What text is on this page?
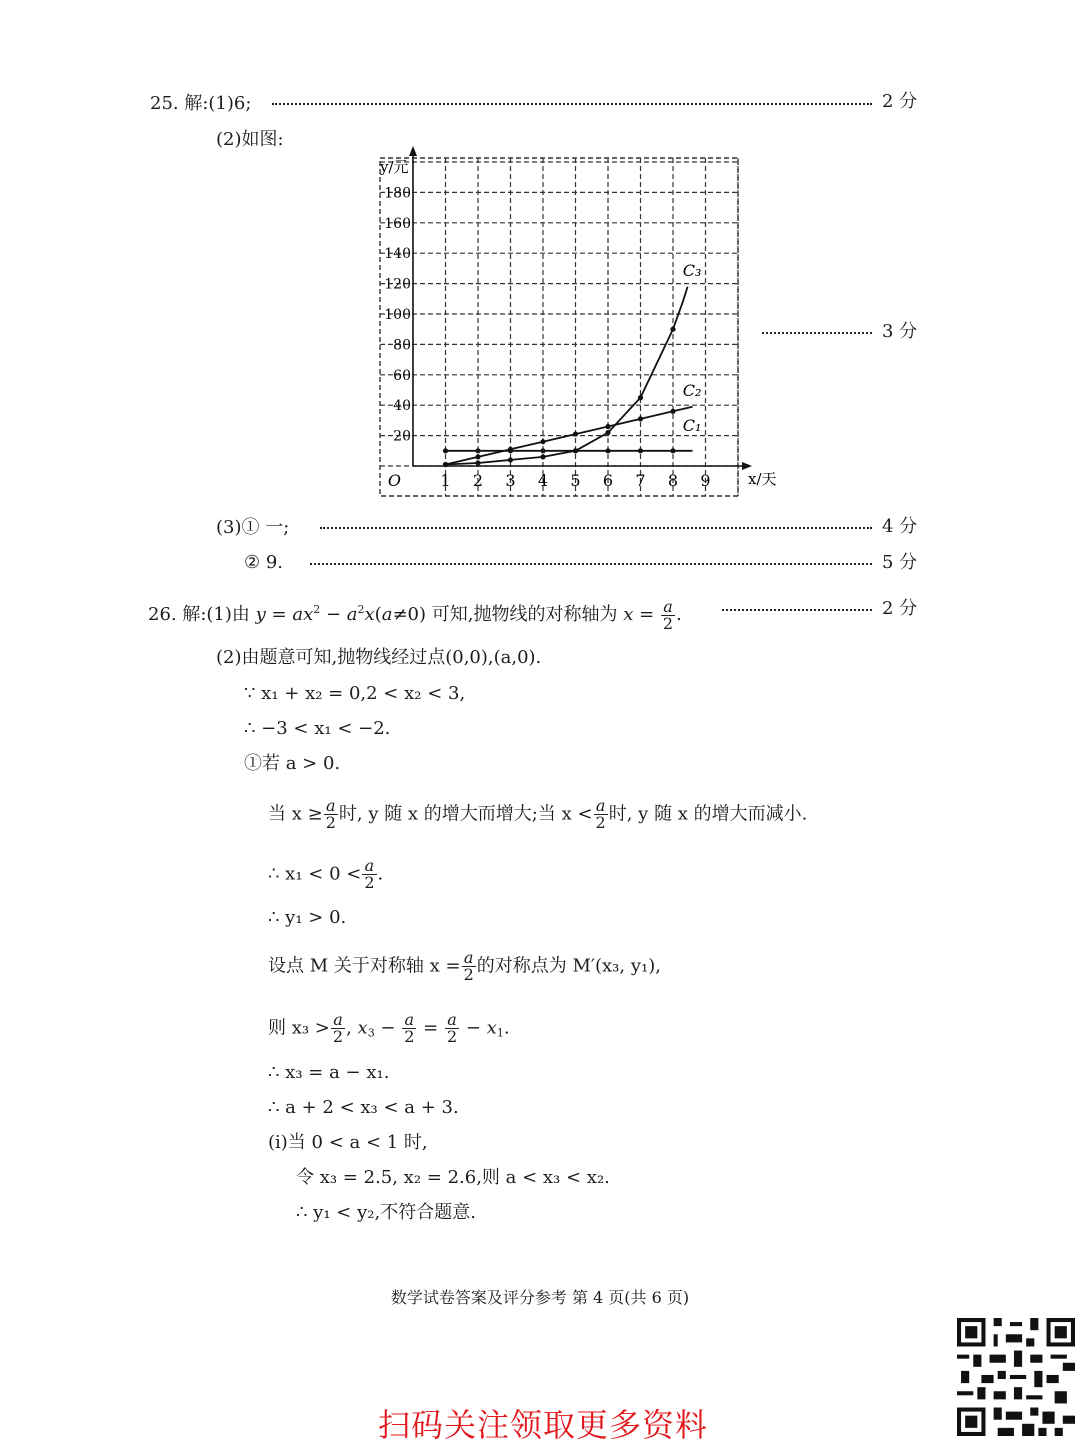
25. 解:(1)6;	2 分
(2)如图:
1 2 3 4 5 6 7 8 9
20
40
60
80
100
120
140
160
180
O	x/天
y/元
C₁
C₂
C₃
3 分
(3)① 一;	4 分
② 9.	5 分
26. 解:(1)由 $y = ax^2 - a^2x(a\ne 0)$ 可知,抛物线的对称轴为 $x = \frac{a}{2}$ .	2 分
(2)由题意可知,抛物线经过点(0,0),(a,0).
∵ x₁ + x₂ = 0,2 < x₂ < 3,
∴ −3 < x₁ < −2.
①若 a > 0.
当 $x \ge \frac{a}{2}$ 时, y 随 x 的增大而增大;当 $x < \frac{a}{2}$ 时, y 随 x 的增大而减小.
∴ $x_1 < 0 < \frac{a}{2}$ .
∴ y₁ > 0.
设点 M 关于对称轴 $x = \frac{a}{2}$ 的对称点为 M′(x₃, y₁),
则 $x_3 > \frac{a}{2}$ , $x_3 - \frac{a}{2} = \frac{a}{2} - x_1$.
∴ x₃ = a − x₁.
∴ a + 2 < x₃ < a + 3.
(i)当 0 < a < 1 时,
令 x₃ = 2.5, x₂ = 2.6,则 a < x₃ < x₂.
∴ y₁ < y₂,不符合题意.
数学试卷答案及评分参考 第 4 页(共 6 页)
扫码关注领取更多资料
